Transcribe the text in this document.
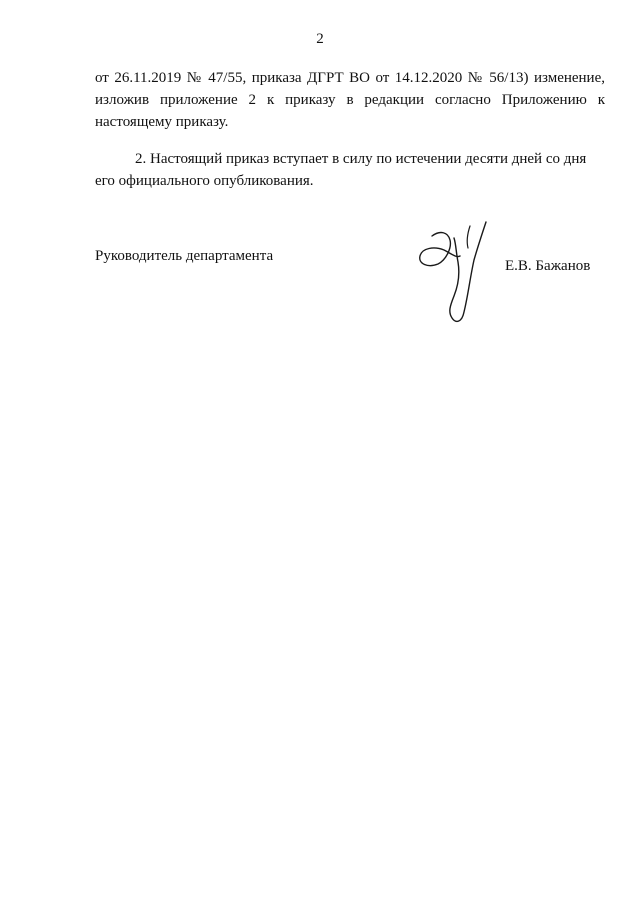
2
от 26.11.2019 № 47/55, приказа ДГРТ ВО от 14.12.2020 № 56/13) изменение,
изложив приложение 2 к приказу в редакции согласно Приложению к
настоящему приказу.
2. Настоящий приказ вступает в силу по истечении десяти дней со дня
его официального опубликования.
Руководитель департамента
Е.В. Бажанов
